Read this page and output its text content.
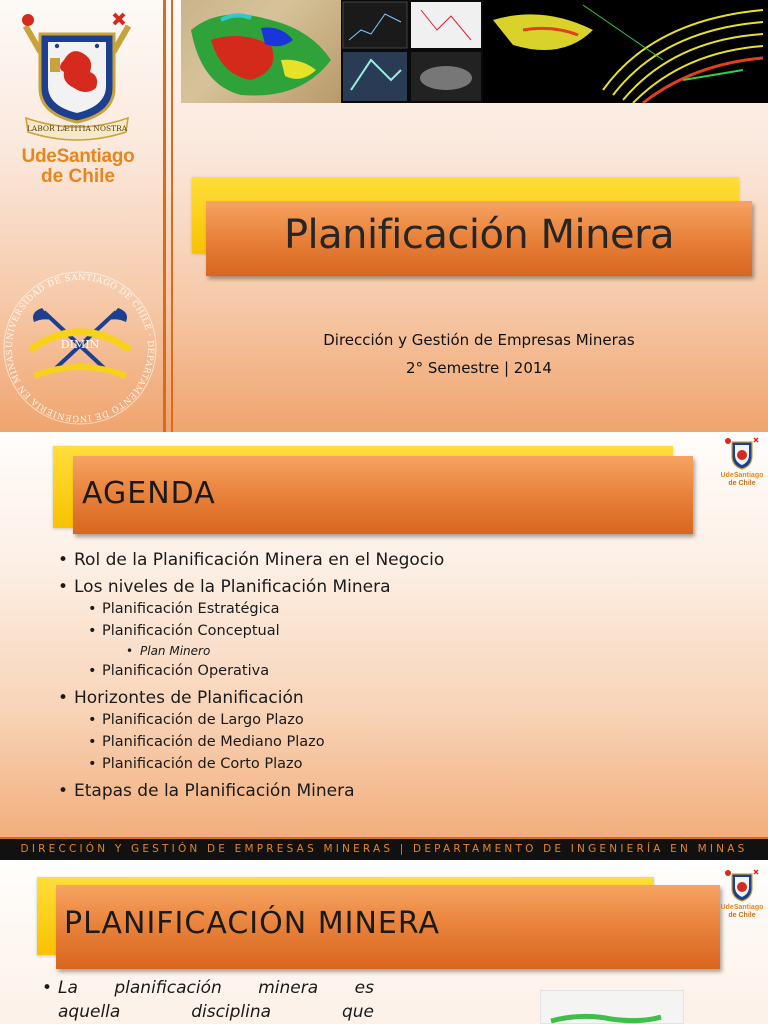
LABOR LÆTITIA NOSTRA
UdeSantiago
de Chile
UNIVERSIDAD DE SANTIAGO DE CHILE · DEPARTAMENTO DE INGENIERÍA EN MINAS
DIMIN
Planificación Minera
Dirección y Gestión de Empresas Mineras
2° Semestre | 2014
AGENDA
UdeSantiago
de Chile
• Rol de la Planificación Minera en el Negocio
• Los niveles de la Planificación Minera
• Planificación Estratégica
• Planificación Conceptual
• Plan Minero
• Planificación Operativa
• Horizontes de Planificación
• Planificación de Largo Plazo
• Planificación de Mediano Plazo
• Planificación de Corto Plazo
• Etapas de la Planificación Minera
DIRECCIÓN Y GESTIÓN DE EMPRESAS MINERAS | DEPARTAMENTO DE INGENIERÍA EN MINAS
PLANIFICACIÓN MINERA	UdeSantiago
de Chile
• La planificación minera es
aquella	disciplina	que
